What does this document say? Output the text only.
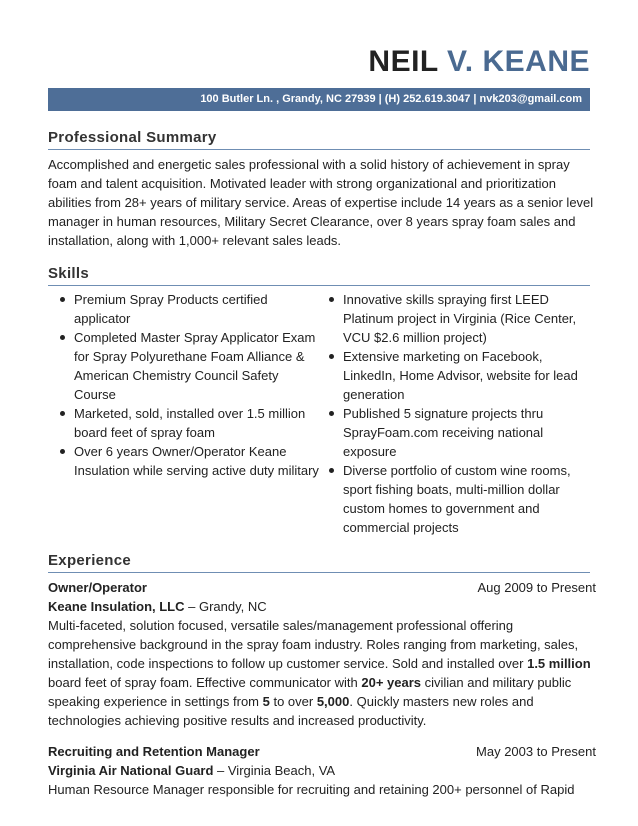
NEIL V. KEANE
100 Butler Ln. , Grandy, NC 27939 | (H) 252.619.3047 | nvk203@gmail.com
Professional Summary

Accomplished and energetic sales professional with a solid history of achievement in spray foam and talent acquisition. Motivated leader with strong organizational and prioritization abilities from 28+ years of military service. Areas of expertise include 14 years as a senior level manager in human resources, Military Secret Clearance, over 8 years spray foam sales and installation, along with 1,000+ relevant sales leads.

Skills
Premium Spray Products certified applicator
Completed Master Spray Applicator Exam for Spray Polyurethane Foam Alliance & American Chemistry Council Safety Course
Marketed, sold, installed over 1.5 million board feet of spray foam
Over 6 years Owner/Operator Keane Insulation while serving active duty military
Innovative skills spraying first LEED Platinum project in Virginia (Rice Center, VCU $2.6 million project)
Extensive marketing on Facebook, LinkedIn, Home Advisor, website for lead generation
Published 5 signature projects thru SprayFoam.com receiving national exposure
Diverse portfolio of custom wine rooms, sport fishing boats, multi-million dollar custom homes to government and commercial projects
Experience
Owner/Operator	Aug 2009 to Present
Keane Insulation, LLC – Grandy, NC

Multi-faceted, solution focused, versatile sales/management professional offering comprehensive background in the spray foam industry. Roles ranging from marketing, sales, installation, code inspections to follow up customer service. Sold and installed over 1.5 million board feet of spray foam. Effective communicator with 20+ years civilian and military public speaking experience in settings from 5 to over 5,000. Quickly masters new roles and technologies achieving positive results and increased productivity.

Recruiting and Retention Manager	May 2003 to Present
Virginia Air National Guard – Virginia Beach, VA

Human Resource Manager responsible for recruiting and retaining 200+ personnel of Rapid
